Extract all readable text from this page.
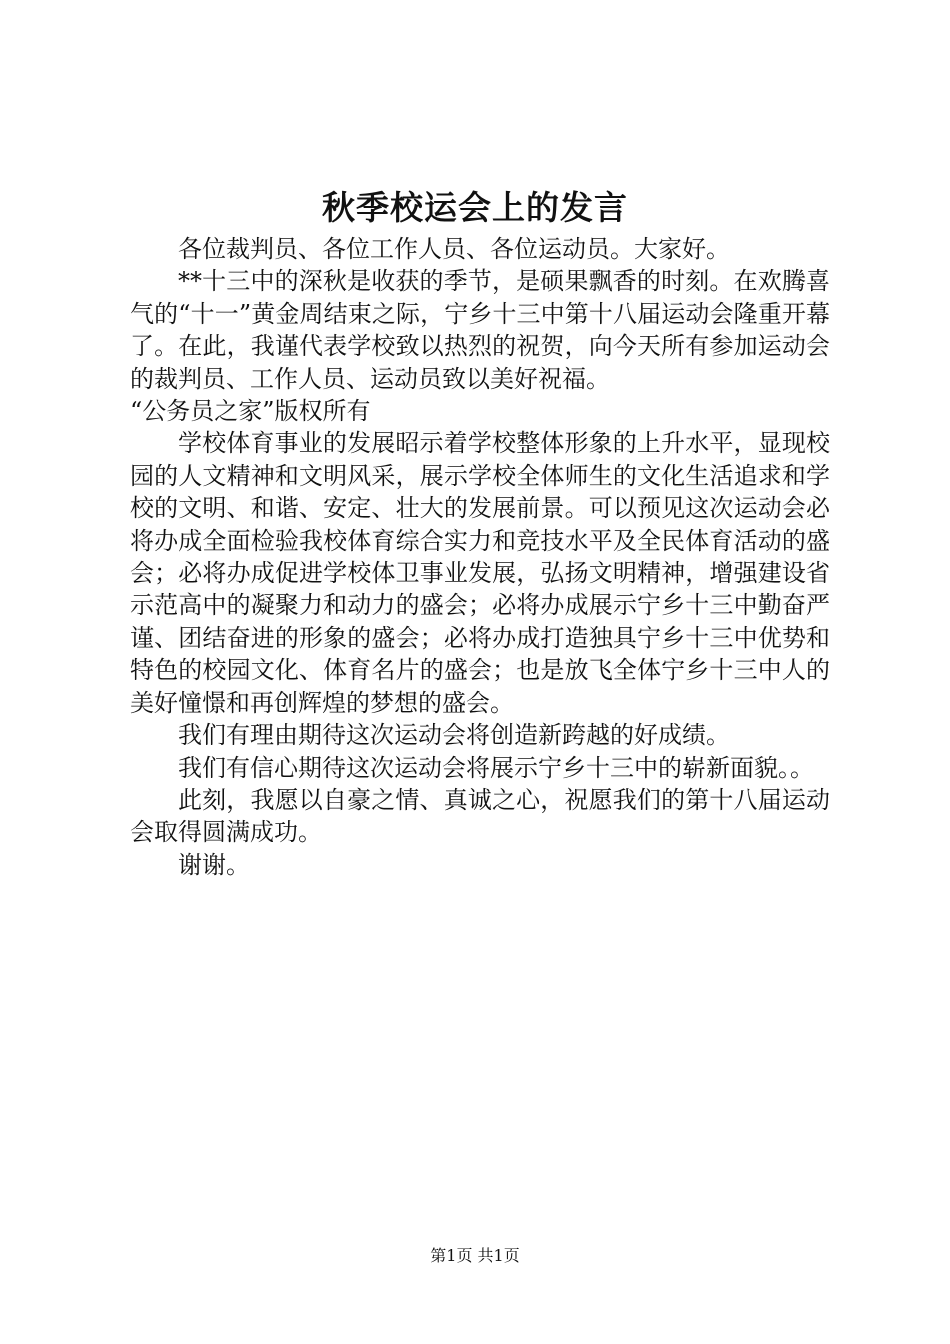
秋季校运会上的发言

各位裁判员、各位工作人员、各位运动员。大家好。

**十三中的深秋是收获的季节，是硕果飘香的时刻。在欢腾喜气的“十一”黄金周结束之际，宁乡十三中第十八届运动会隆重开幕了。在此，我谨代表学校致以热烈的祝贺，向今天所有参加运动会的裁判员、工作人员、运动员致以美好祝福。

“公务员之家”版权所有

学校体育事业的发展昭示着学校整体形象的上升水平，显现校园的人文精神和文明风采，展示学校全体师生的文化生活追求和学校的文明、和谐、安定、壮大的发展前景。可以预见这次运动会必将办成全面检验我校体育综合实力和竞技水平及全民体育活动的盛会；必将办成促进学校体卫事业发展，弘扬文明精神，增强建设省示范高中的凝聚力和动力的盛会；必将办成展示宁乡十三中勤奋严谨、团结奋进的形象的盛会；必将办成打造独具宁乡十三中优势和特色的校园文化、体育名片的盛会；也是放飞全体宁乡十三中人的美好憧憬和再创辉煌的梦想的盛会。

我们有理由期待这次运动会将创造新跨越的好成绩。

我们有信心期待这次运动会将展示宁乡十三中的崭新面貌。。

此刻，我愿以自豪之情、真诚之心，祝愿我们的第十八届运动会取得圆满成功。

谢谢。

第1页 共1页
